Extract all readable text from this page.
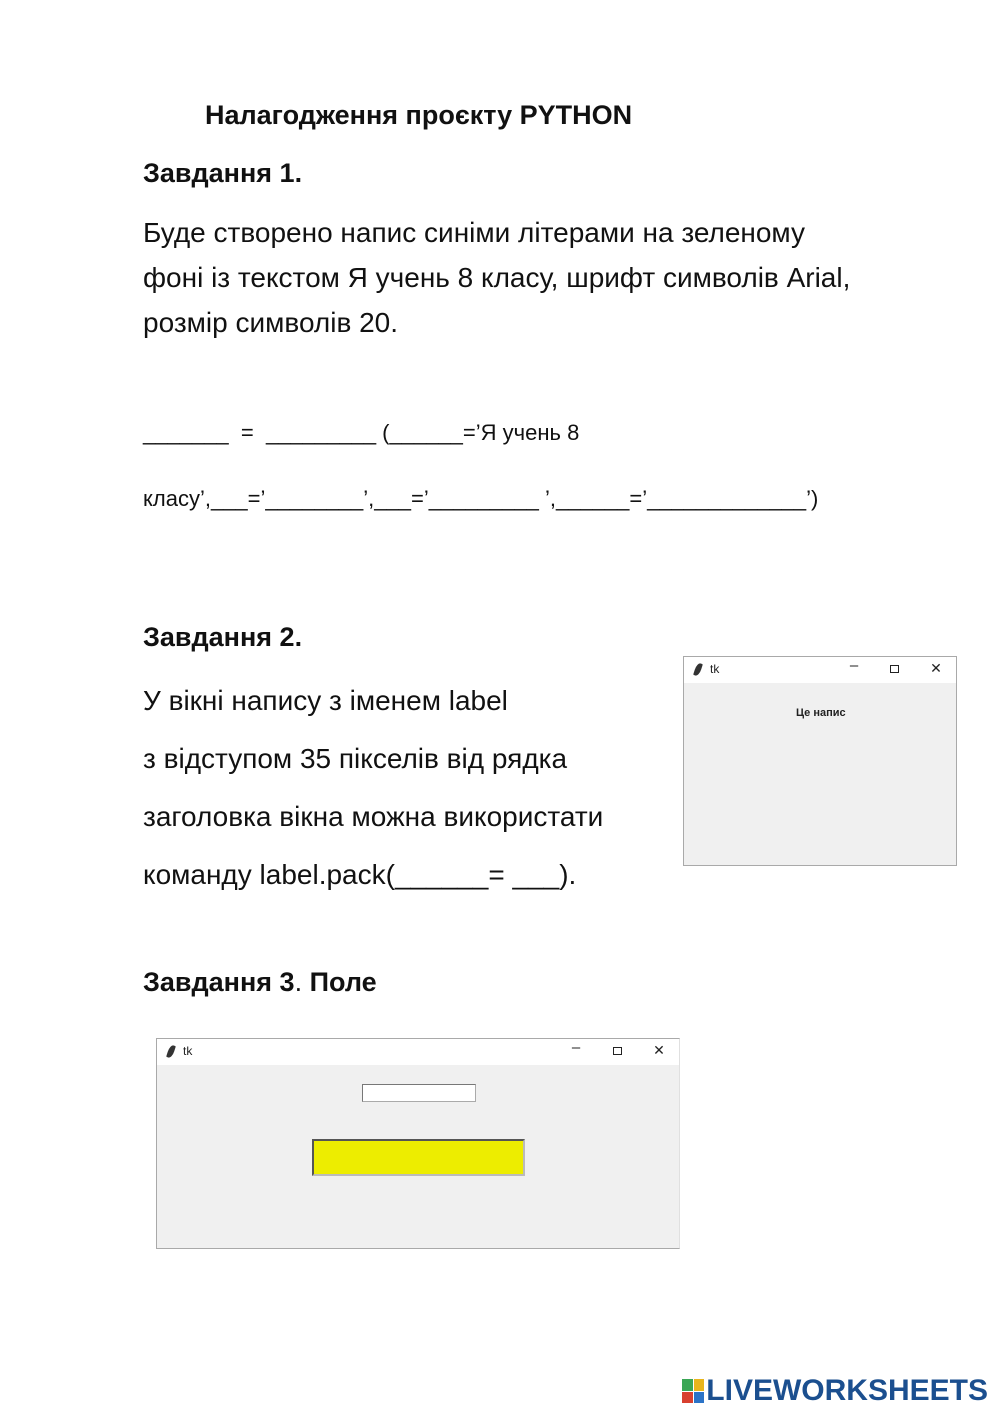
Налагодження проєкту PYTHON
Завдання 1.
Буде створено напис синіми літерами на зеленому
фоні із текстом Я учень 8 класу, шрифт символів Arial,
розмір символів 20.
_______  =  _________ (______=’Я учень 8
класу’,___=’________’,___=’_________ ’,______=’_____________’)
Завдання 2.
У вікні напису з іменем label
з відступом 35 пікселів від рядка
заголовка вікна можна використати
команду label.pack(______= ___).
tk	–	✕
Це напис
Завдання 3. Поле
tk	–	✕
LIVEWORKSHEETS
